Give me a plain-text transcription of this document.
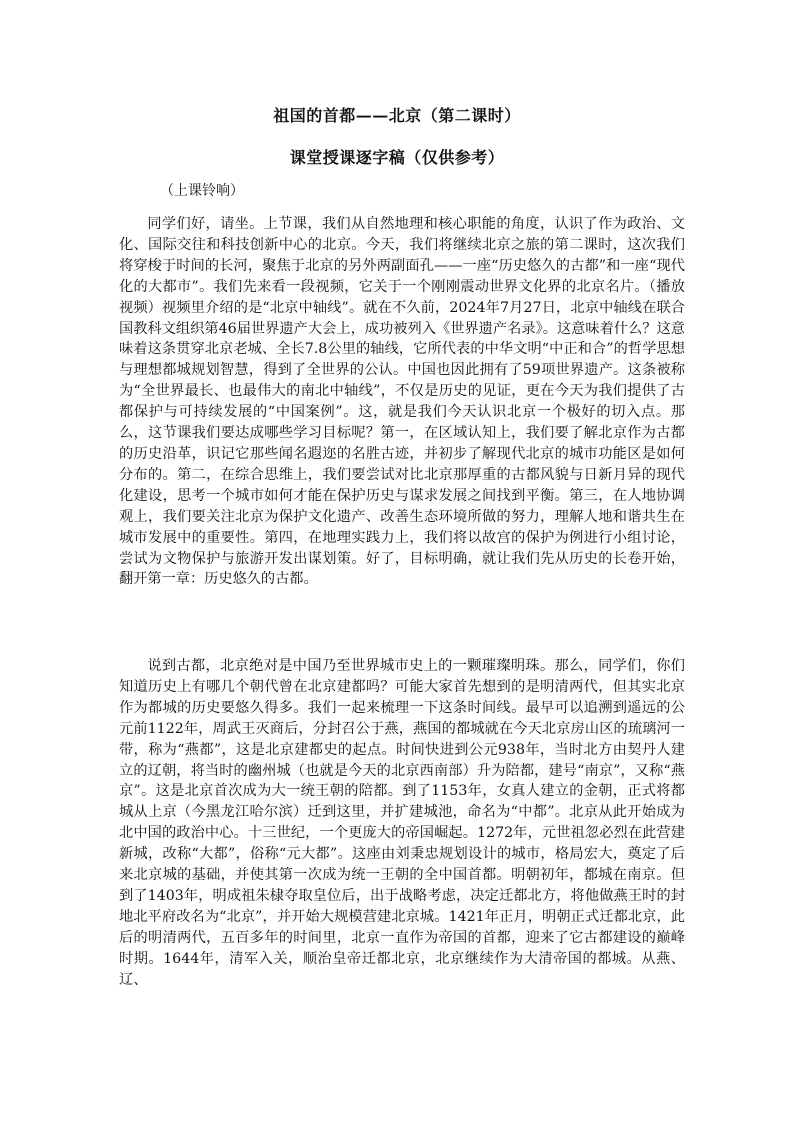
祖国的首都——北京（第二课时）
课堂授课逐字稿（仅供参考）
（上课铃响）

同学们好，请坐。上节课，我们从自然地理和核心职能的角度，认识了作为政治、文化、国际交往和科技创新中心的北京。今天，我们将继续北京之旅的第二课时，这次我们将穿梭于时间的长河，聚焦于北京的另外两副面孔——一座“历史悠久的古都”和一座“现代化的大都市”。我们先来看一段视频，它关于一个刚刚震动世界文化界的北京名片。（播放视频）视频里介绍的是“北京中轴线”。就在不久前，2024年7月27日，北京中轴线在联合国教科文组织第46届世界遗产大会上，成功被列入《世界遗产名录》。这意味着什么？这意味着这条贯穿北京老城、全长7.8公里的轴线，它所代表的中华文明“中正和合”的哲学思想与理想都城规划智慧，得到了全世界的公认。中国也因此拥有了59项世界遗产。这条被称为“全世界最长、也最伟大的南北中轴线”，不仅是历史的见证，更在今天为我们提供了古都保护与可持续发展的“中国案例”。这，就是我们今天认识北京一个极好的切入点。那么，这节课我们要达成哪些学习目标呢？第一，在区域认知上，我们要了解北京作为古都的历史沿革，识记它那些闻名遐迩的名胜古迹，并初步了解现代北京的城市功能区是如何分布的。第二，在综合思维上，我们要尝试对比北京那厚重的古都风貌与日新月异的现代化建设，思考一个城市如何才能在保护历史与谋求发展之间找到平衡。第三，在人地协调观上，我们要关注北京为保护文化遗产、改善生态环境所做的努力，理解人地和谐共生在城市发展中的重要性。第四，在地理实践力上，我们将以故宫的保护为例进行小组讨论，尝试为文物保护与旅游开发出谋划策。好了，目标明确，就让我们先从历史的长卷开始，翻开第一章：历史悠久的古都。

说到古都，北京绝对是中国乃至世界城市史上的一颗璀璨明珠。那么，同学们，你们知道历史上有哪几个朝代曾在北京建都吗？可能大家首先想到的是明清两代，但其实北京作为都城的历史要悠久得多。我们一起来梳理一下这条时间线。最早可以追溯到遥远的公元前1122年，周武王灭商后，分封召公于燕，燕国的都城就在今天北京房山区的琉璃河一带，称为“燕都”，这是北京建都史的起点。时间快进到公元938年，当时北方由契丹人建立的辽朝，将当时的幽州城（也就是今天的北京西南部）升为陪都，建号“南京”，又称“燕京”。这是北京首次成为大一统王朝的陪都。到了1153年，女真人建立的金朝，正式将都城从上京（今黑龙江哈尔滨）迁到这里，并扩建城池，命名为“中都”。北京从此开始成为北中国的政治中心。十三世纪，一个更庞大的帝国崛起。1272年，元世祖忽必烈在此营建新城，改称“大都”，俗称“元大都”。这座由刘秉忠规划设计的城市，格局宏大，奠定了后来北京城的基础，并使其第一次成为统一王朝的全中国首都。明朝初年，都城在南京。但到了1403年，明成祖朱棣夺取皇位后，出于战略考虑，决定迁都北方，将他做燕王时的封地北平府改名为“北京”，并开始大规模营建北京城。1421年正月，明朝正式迁都北京，此后的明清两代，五百多年的时间里，北京一直作为帝国的首都，迎来了它古都建设的巅峰时期。1644年，清军入关，顺治皇帝迁都北京，北京继续作为大清帝国的都城。从燕、辽、
